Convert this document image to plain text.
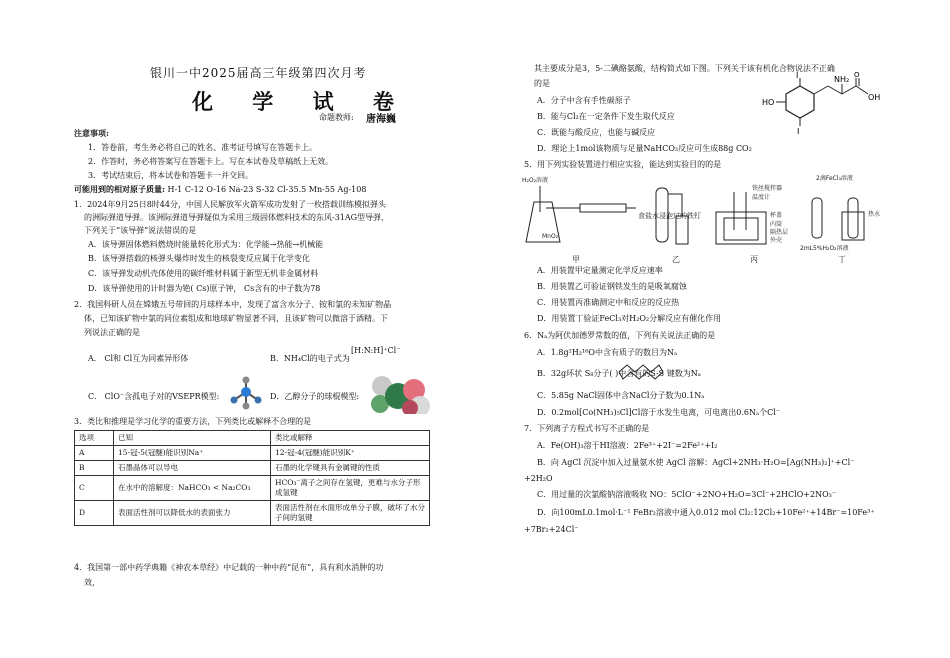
银川一中2025届高三年级第四次月考
化 学 试 卷
命题教师: 唐海巍
注意事项:
1．答卷前，考生务必将自己的姓名、准考证号填写在答题卡上。
2．作答时，务必将答案写在答题卡上。写在本试卷及草稿纸上无效。
3．考试结束后，将本试卷和答题卡一并交回。
可能用到的相对原子质量: H-1 C-12 O-16 Na-23 S-32 Cl-35.5 Mn-55 Ag-108
1．2024年9月25日8时44分，中国人民解放军火箭军成功发射了一枚搭载训练模拟弹头
的洲际弹道导弹。该洲际弹道导弹疑似为采用三级固体燃料技术的东风-31AG型导弹，
下列关于“该导弹”说法错误的是
A．该导弹固体燃料燃烧时能量转化形式为：化学能→热能→机械能
B．该导弹搭载的核弹头爆炸时发生的核裂变反应属于化学变化
C．该导弹发动机壳体使用的碳纤维材料属于新型无机非金属材料
D．该导弹使用的计时器为铯( Cs)原子钟， Cs含有的中子数为78
2．我国科研人员在嫦娥五号带回的月球样本中，发现了富含水分子、铵和氯的未知矿物晶
体，已知该矿物中氯的同位素组成和地球矿物显著不同，且该矿物可以微溶于酒精。下
列说法正确的是
A． Cl和 Cl互为同素异形体	B．NH₄Cl的电子式为
[H:N:H]⁺Cl⁻
C． ClO⁻含孤电子对的VSEPR模型:	D．乙醇分子的球棍模型:
3．类比和推理是学习化学的重要方法，下列类比或解释不合理的是
选项	已知	类比或解释
A	15-冠-5(冠醚)能识别Na⁺	12-冠-4(冠醚)能识别K⁺
B	石墨晶体可以导电	石墨的化学键具有金属键的性质
C	在水中的溶解度：NaHCO₃ < Na₂CO₃	HCO₃⁻离子之间存在氢键，更难与水分子形成氢键
D	表面活性剂可以降低水的表面张力	表面活性剂在水面形成单分子膜，破坏了水分子间的氢键
4．我国第一部中药学典籍《神农本草经》中记载的一种中药“昆布”，具有利水消肿的功
效，
其主要成分是3，5-二碘酪氨酸，结构简式如下图。下列关于该有机化合物说法不正确
的是
A．分子中含有手性碳原子
B．能与Cl₂在一定条件下发生取代反应
C．既能与酸反应，也能与碱反应
D．理论上1mol该物质与足量NaHCO₃反应可生成88g CO₂
I	NH₂
OH
HO
O
I
5．用下列实验装置进行相应实验，能达到实验目的的是
H₂O₂溶液
MnO₂
食盐水浸泡过的铁钉
铁丝搅拌器
温度计
杯盖
内筒
隔热层
外壳
2滴FeCl₃溶液
热水
2mL5%H₂O₂溶液
甲	乙	丙	丁
A．用装置甲定量测定化学反应速率
B．用装置乙可验证钢铁发生的是吸氧腐蚀
C．用装置丙准确测定中和反应的反应热
D．用装置丁验证FeCl₃对H₂O₂分解反应有催化作用
6．Nₐ为阿伏加德罗常数的值，下列有关说法正确的是
A．1.8g²H₂¹⁶O中含有质子的数目为Nₐ
B．32g环状 S₈分子( )中含有的S-S 键数为Nₐ
C．5.85g NaCl固体中含NaCl分子数为0.1Nₐ
D．0.2mol[Co(NH₃)₅Cl]Cl溶于水发生电离，可电离出0.6Nₐ个Cl⁻
7．下列离子方程式书写不正确的是
A．Fe(OH)₃溶于HI溶液：2Fe³⁺+2I⁻=2Fe²⁺+I₂
B．向 AgCl 沉淀中加入过量氨水使 AgCl 溶解：AgCl+2NH₃·H₂O=[Ag(NH₃)₂]⁺+Cl⁻
+2H₂O
C．用过量的次氯酸钠溶液吸收 NO：5ClO⁻+2NO+H₂O=3Cl⁻+2HClO+2NO₃⁻
D．向100mL0.1mol·L⁻¹ FeBr₂溶液中通入0.012 mol Cl₂:12Cl₂+10Fe²⁺+14Br⁻=10Fe³⁺
+7Br₂+24Cl⁻
